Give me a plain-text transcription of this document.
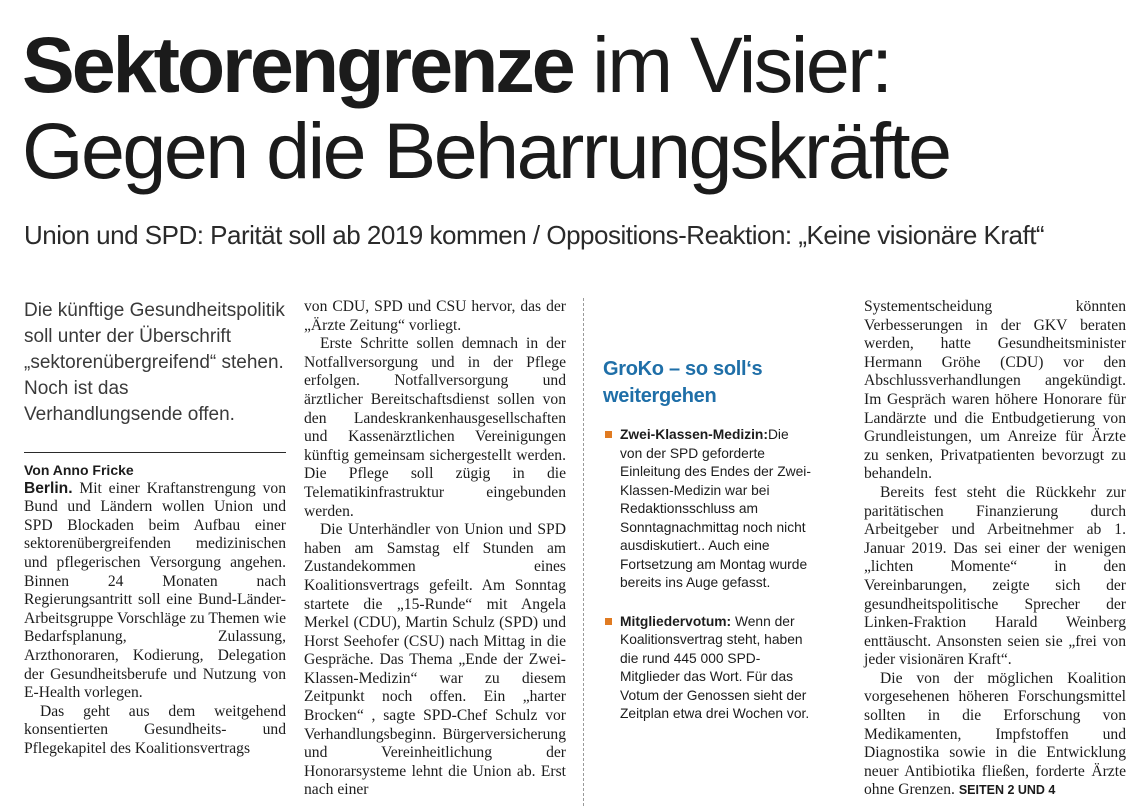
Sektorengrenze im Visier:
Gegen die Beharrungskräfte
Union und SPD: Parität soll ab 2019 kommen / Oppositions-Reaktion: „Keine visionäre Kraft“

Die künftige Gesundheitspolitik soll unter der Überschrift „sektorenübergreifend“ stehen. Noch ist das Verhandlungsende offen.

Von Anno Fricke

Berlin. Mit einer Kraftanstrengung von Bund und Ländern wollen Union und SPD Blockaden beim Aufbau einer sektorenübergreifenden medizinischen und pflegerischen Versorgung angehen. Binnen 24 Monaten nach Regierungsantritt soll eine Bund-Länder-Arbeitsgruppe Vorschläge zu Themen wie Bedarfsplanung, Zulassung, Arzthonoraren, Kodierung, Delegation der Gesundheitsberufe und Nutzung von E-Health vorlegen.

Das geht aus dem weitgehend konsentierten Gesundheits- und Pflegekapitel des Koalitionsvertrags

von CDU, SPD und CSU hervor, das der „Ärzte Zeitung“ vorliegt.

Erste Schritte sollen demnach in der Notfallversorgung und in der Pflege erfolgen. Notfallversorgung und ärztlicher Bereitschaftsdienst sollen von den Landeskrankenhausgesellschaften und Kassenärztlichen Vereinigungen künftig gemeinsam sichergestellt werden. Die Pflege soll zügig in die Telematikinfrastruktur eingebunden werden.

Die Unterhändler von Union und SPD haben am Samstag elf Stunden am Zustandekommen eines Koalitionsvertrags gefeilt. Am Sonntag startete die „15-Runde“ mit Angela Merkel (CDU), Martin Schulz (SPD) und Horst Seehofer (CSU) nach Mittag in die Gespräche. Das Thema „Ende der Zwei-Klassen-Medizin“ war zu diesem Zeitpunkt noch offen. Ein „harter Brocken“ , sagte SPD-Chef Schulz vor Verhandlungsbeginn. Bürgerversicherung und Vereinheitlichung der Honorarsysteme lehnt die Union ab. Erst nach einer

GroKo – so soll‘s weitergehen

Zwei-Klassen-Medizin:Die von der SPD geforderte Einleitung des Endes der Zwei-Klassen-Medizin war bei Redaktionsschluss am Sonntagnachmittag noch nicht ausdiskutiert.. Auch eine Fortsetzung am Montag wurde bereits ins Auge gefasst.
Mitgliedervotum: Wenn der Koalitionsvertrag steht, haben die rund 445 000 SPD-Mitglieder das Wort. Für das Votum der Genossen sieht der Zeitplan etwa drei Wochen vor.

Systementscheidung könnten Verbesserungen in der GKV beraten werden, hatte Gesundheitsminister Hermann Gröhe (CDU) vor den Abschlussverhandlungen angekündigt. Im Gespräch waren höhere Honorare für Landärzte und die Entbudgetierung von Grundleistungen, um Anreize für Ärzte zu senken, Privatpatienten bevorzugt zu behandeln.

Bereits fest steht die Rückkehr zur paritätischen Finanzierung durch Arbeitgeber und Arbeitnehmer ab 1. Januar 2019. Das sei einer der wenigen „lichten Momente“ in den Vereinbarungen, zeigte sich der gesundheitspolitische Sprecher der Linken-Fraktion Harald Weinberg enttäuscht. Ansonsten seien sie „frei von jeder visionären Kraft“.

Die von der möglichen Koalition vorgesehenen höheren Forschungsmittel sollten in die Erforschung von Medikamenten, Impfstoffen und Diagnostika sowie in die Entwicklung neuer Antibiotika fließen, forderte Ärzte ohne Grenzen. SEITEN 2 UND 4
